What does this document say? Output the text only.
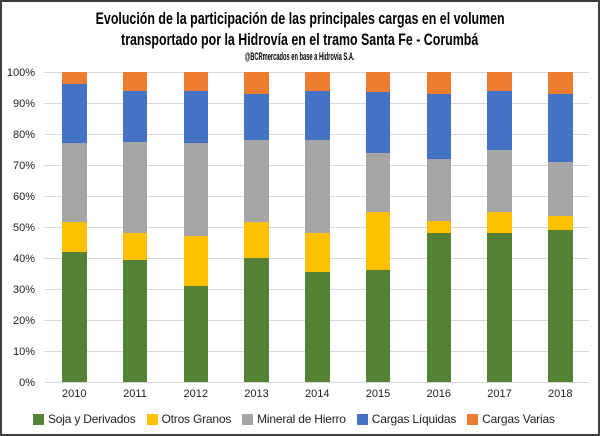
Evolución de la participación de las principales cargas en el volumen
transportado por la Hidrovía en el tramo Santa Fe - Corumbá
@BCRmercados en base a Hidrovía S.A.
0%
10%
20%
30%
40%
50%
60%
70%
80%
90%
100%
2010	2011	2012	2013	2014	2015	2016	2017	2018
Soja y Derivados Otros Granos Mineral de Hierro Cargas Líquidas Cargas Varias
